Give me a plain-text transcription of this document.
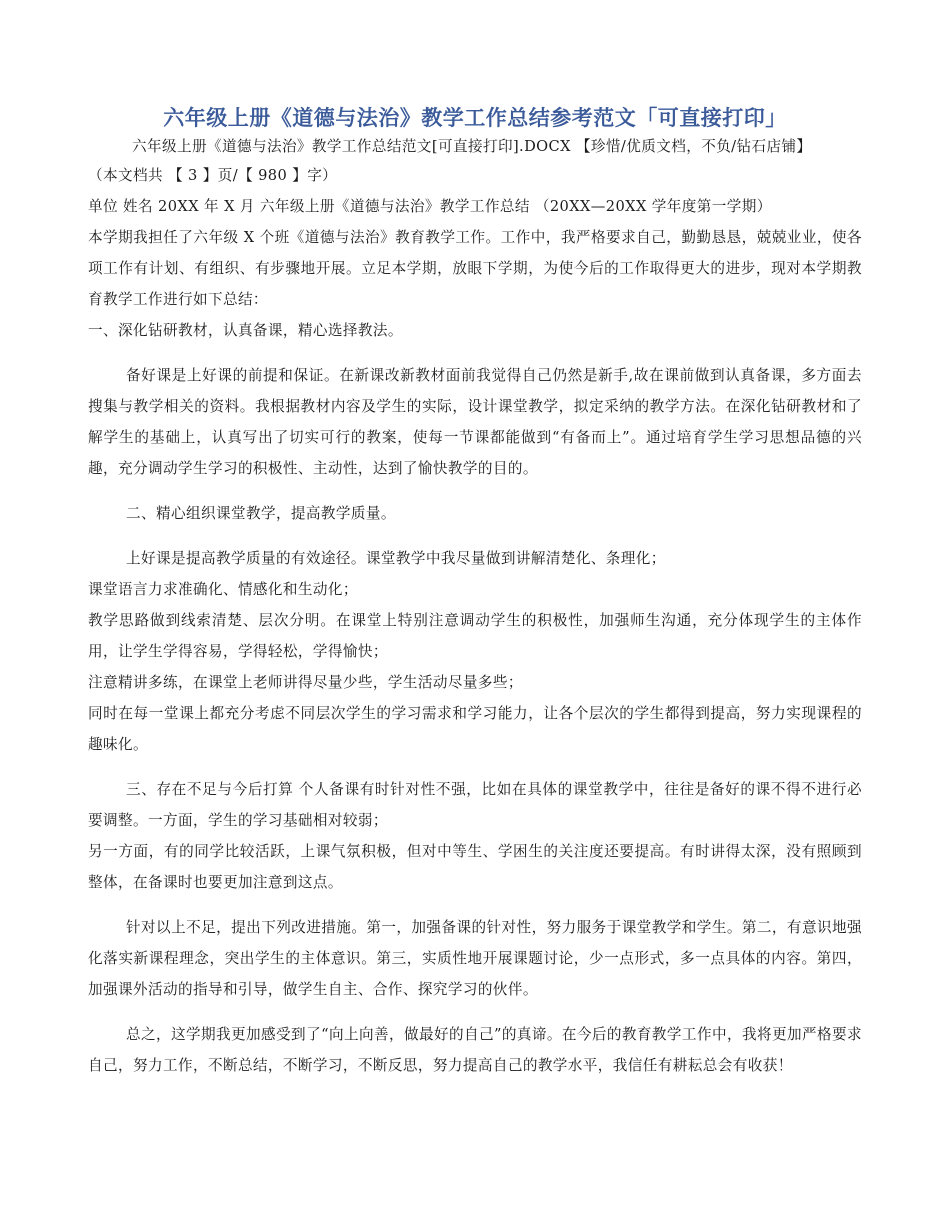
六年级上册《道德与法治》教学工作总结参考范文「可直接打印」

六年级上册《道德与法治》教学工作总结范文[可直接打印].DOCX 【珍惜/优质文档，不负/钻石店铺】

（本文档共 【 3 】页/【 980 】字）

单位 姓名 20XX 年 X 月 六年级上册《道德与法治》教学工作总结 （20XX—20XX 学年度第一学期）

本学期我担任了六年级 X 个班《道德与法治》教育教学工作。工作中，我严格要求自己，勤勤恳恳，兢兢业业，使各项工作有计划、有组织、有步骤地开展。立足本学期，放眼下学期，为使今后的工作取得更大的进步，现对本学期教育教学工作进行如下总结：

一、深化钻研教材，认真备课，精心选择教法。

备好课是上好课的前提和保证。在新课改新教材面前我觉得自己仍然是新手,故在课前做到认真备课，多方面去搜集与教学相关的资料。我根据教材内容及学生的实际，设计课堂教学，拟定采纳的教学方法。在深化钻研教材和了解学生的基础上，认真写出了切实可行的教案，使每一节课都能做到“有备而上”。通过培育学生学习思想品德的兴趣，充分调动学生学习的积极性、主动性，达到了愉快教学的目的。

二、精心组织课堂教学，提高教学质量。

上好课是提高教学质量的有效途径。课堂教学中我尽量做到讲解清楚化、条理化；

课堂语言力求准确化、情感化和生动化；

教学思路做到线索清楚、层次分明。在课堂上特别注意调动学生的积极性，加强师生沟通，充分体现学生的主体作用，让学生学得容易，学得轻松，学得愉快；

注意精讲多练，在课堂上老师讲得尽量少些，学生活动尽量多些；

同时在每一堂课上都充分考虑不同层次学生的学习需求和学习能力，让各个层次的学生都得到提高，努力实现课程的趣味化。

三、存在不足与今后打算 个人备课有时针对性不强，比如在具体的课堂教学中，往往是备好的课不得不进行必要调整。一方面，学生的学习基础相对较弱；

另一方面，有的同学比较活跃，上课气氛积极，但对中等生、学困生的关注度还要提高。有时讲得太深，没有照顾到整体，在备课时也要更加注意到这点。

针对以上不足，提出下列改进措施。第一，加强备课的针对性，努力服务于课堂教学和学生。第二，有意识地强化落实新课程理念，突出学生的主体意识。第三，实质性地开展课题讨论，少一点形式，多一点具体的内容。第四，加强课外活动的指导和引导，做学生自主、合作、探究学习的伙伴。

总之，这学期我更加感受到了“向上向善，做最好的自己”的真谛。在今后的教育教学工作中，我将更加严格要求自己，努力工作，不断总结，不断学习，不断反思，努力提高自己的教学水平，我信任有耕耘总会有收获！
